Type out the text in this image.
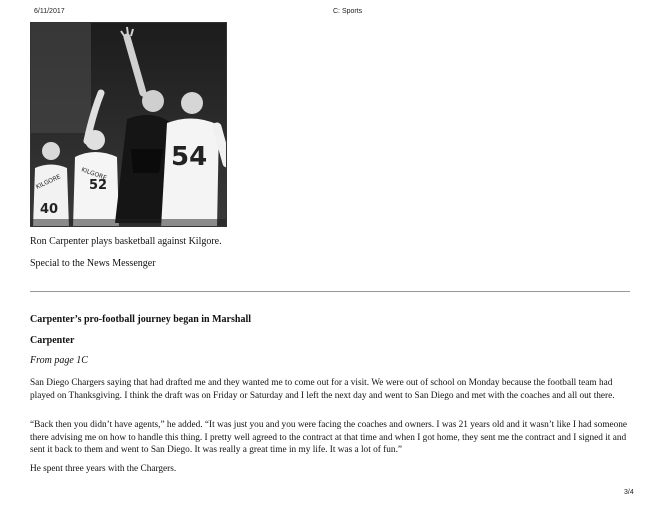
6/11/2017	C: Sports
KILGORE
40
KILGORE
52
54
Ron Carpenter plays basketball against Kilgore.
Special to the News Messenger
Carpenter’s pro-football journey began in Marshall
Carpenter
From page 1C

San Diego Chargers saying that had drafted me and they wanted me to come out for a visit. We were out of school on Monday because the football team had played on Thanksgiving. I think the draft was on Friday or Saturday and I left the next day and went to San Diego and met with the coaches and all out there.

“Back then you didn’t have agents,” he added. “It was just you and you were facing the coaches and owners. I was 21 years old and it wasn’t like I had someone there advising me on how to handle this thing. I pretty well agreed to the contract at that time and when I got home, they sent me the contract and I signed it and sent it back to them and went to San Diego. It was really a great time in my life. It was a lot of fun.”

He spent three years with the Chargers.

3/4
